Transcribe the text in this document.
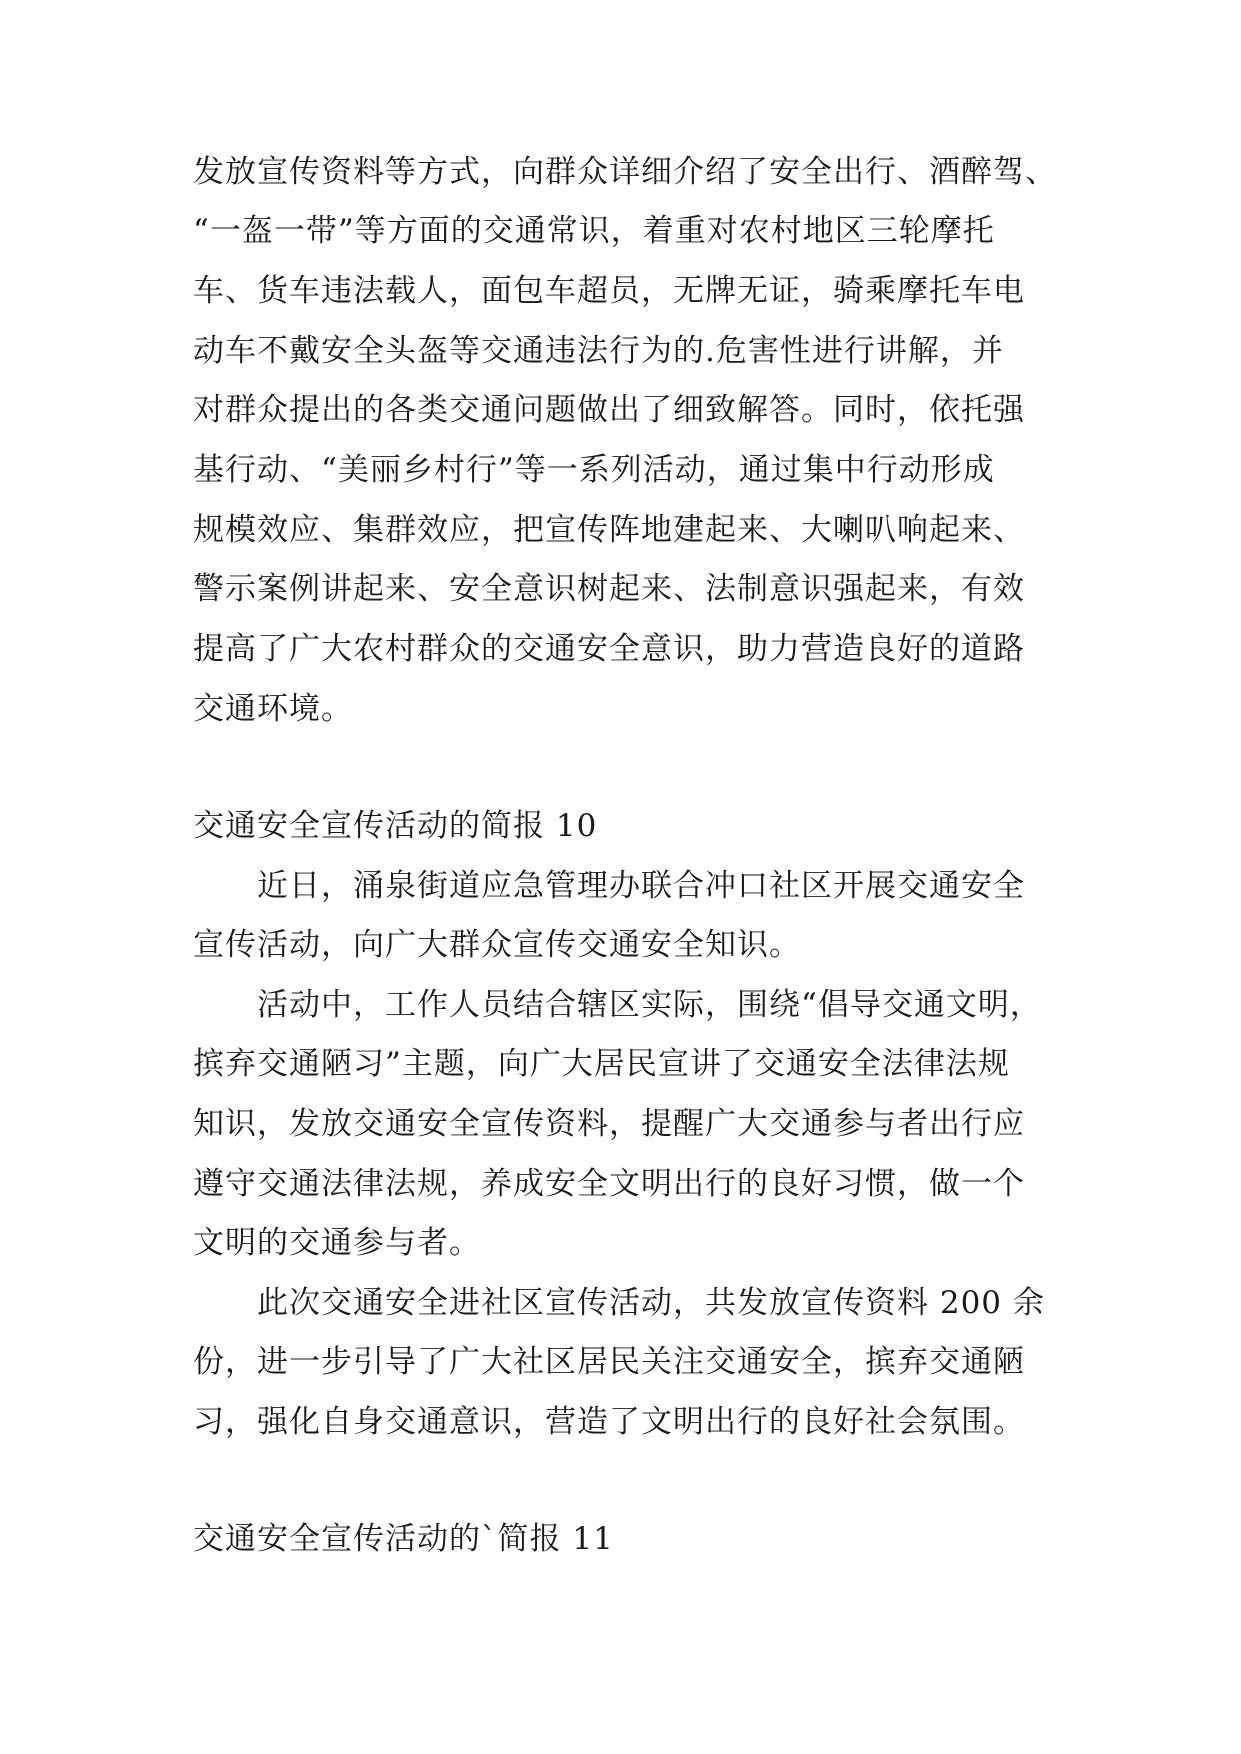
发放宣传资料等方式，向群众详细介绍了安全出行、酒醉驾、
“一盔一带”等方面的交通常识，着重对农村地区三轮摩托
车、货车违法载人，面包车超员，无牌无证，骑乘摩托车电
动车不戴安全头盔等交通违法行为的.危害性进行讲解，并
对群众提出的各类交通问题做出了细致解答。同时，依托强
基行动、“美丽乡村行”等一系列活动，通过集中行动形成
规模效应、集群效应，把宣传阵地建起来、大喇叭响起来、
警示案例讲起来、安全意识树起来、法制意识强起来，有效
提高了广大农村群众的交通安全意识，助力营造良好的道路
交通环境。
交通安全宣传活动的简报 10
近日，涌泉街道应急管理办联合冲口社区开展交通安全
宣传活动，向广大群众宣传交通安全知识。
活动中，工作人员结合辖区实际，围绕“倡导交通文明，
摈弃交通陋习”主题，向广大居民宣讲了交通安全法律法规
知识，发放交通安全宣传资料，提醒广大交通参与者出行应
遵守交通法律法规，养成安全文明出行的良好习惯，做一个
文明的交通参与者。
此次交通安全进社区宣传活动，共发放宣传资料 200 余
份，进一步引导了广大社区居民关注交通安全，摈弃交通陋
习，强化自身交通意识，营造了文明出行的良好社会氛围。
交通安全宣传活动的`简报 11
